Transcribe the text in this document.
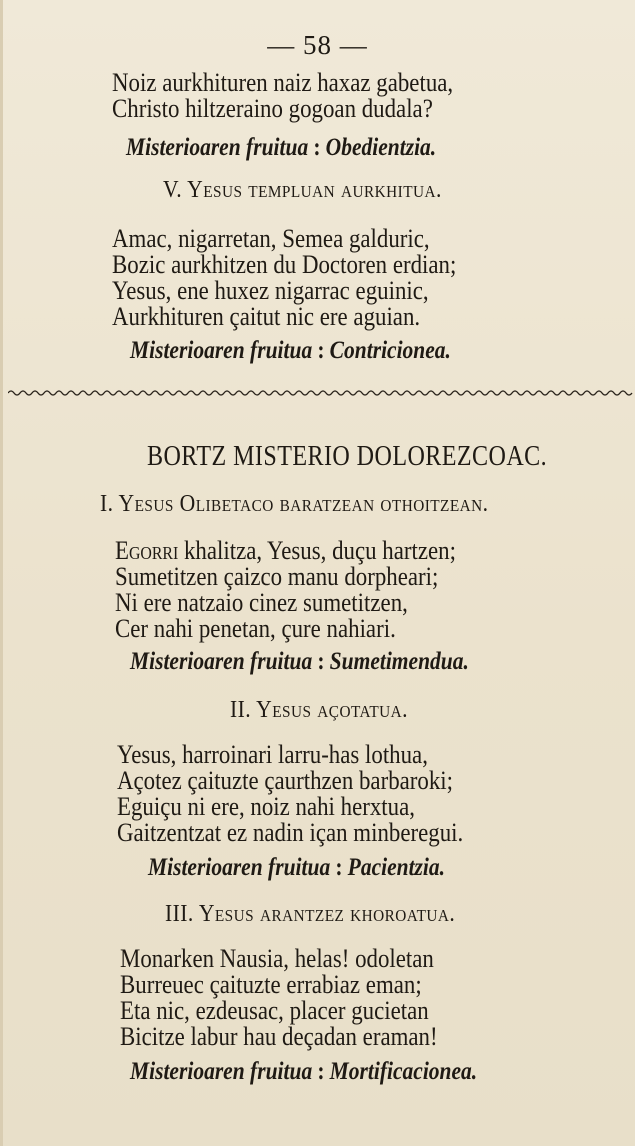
— 58 —

Noiz aurkhituren naiz haxaz gabetua,

Christo hiltzeraino gogoan dudala?

Misterioaren fruitua : Obedientzia.
V. Yesus templuan aurkhitua.

Amac, nigarretan, Semea galduric,

Bozic aurkhitzen du Doctoren erdian;

Yesus, ene huxez nigarrac eguinic,

Aurkhituren çaitut nic ere aguian.

Misterioaren fruitua : Contricionea.
BORTZ MISTERIO DOLOREZCOAC.
I. Yesus Olibetaco baratzean othoitzean.

Egorri khalitza, Yesus, duçu hartzen;

Sumetitzen çaizco manu dorpheari;

Ni ere natzaio cinez sumetitzen,

Cer nahi penetan, çure nahiari.

Misterioaren fruitua : Sumetimendua.
II. Yesus açotatua.

Yesus, harroinari larru-has lothua,

Açotez çaituzte çaurthzen barbaroki;

Eguiçu ni ere, noiz nahi herxtua,

Gaitzentzat ez nadin içan minberegui.

Misterioaren fruitua : Pacientzia.
III. Yesus arantzez khoroatua.

Monarken Nausia, helas! odoletan

Burreuec çaituzte errabiaz eman;

Eta nic, ezdeusac, placer gucietan

Bicitze labur hau deçadan eraman!

Misterioaren fruitua : Mortificacionea.
